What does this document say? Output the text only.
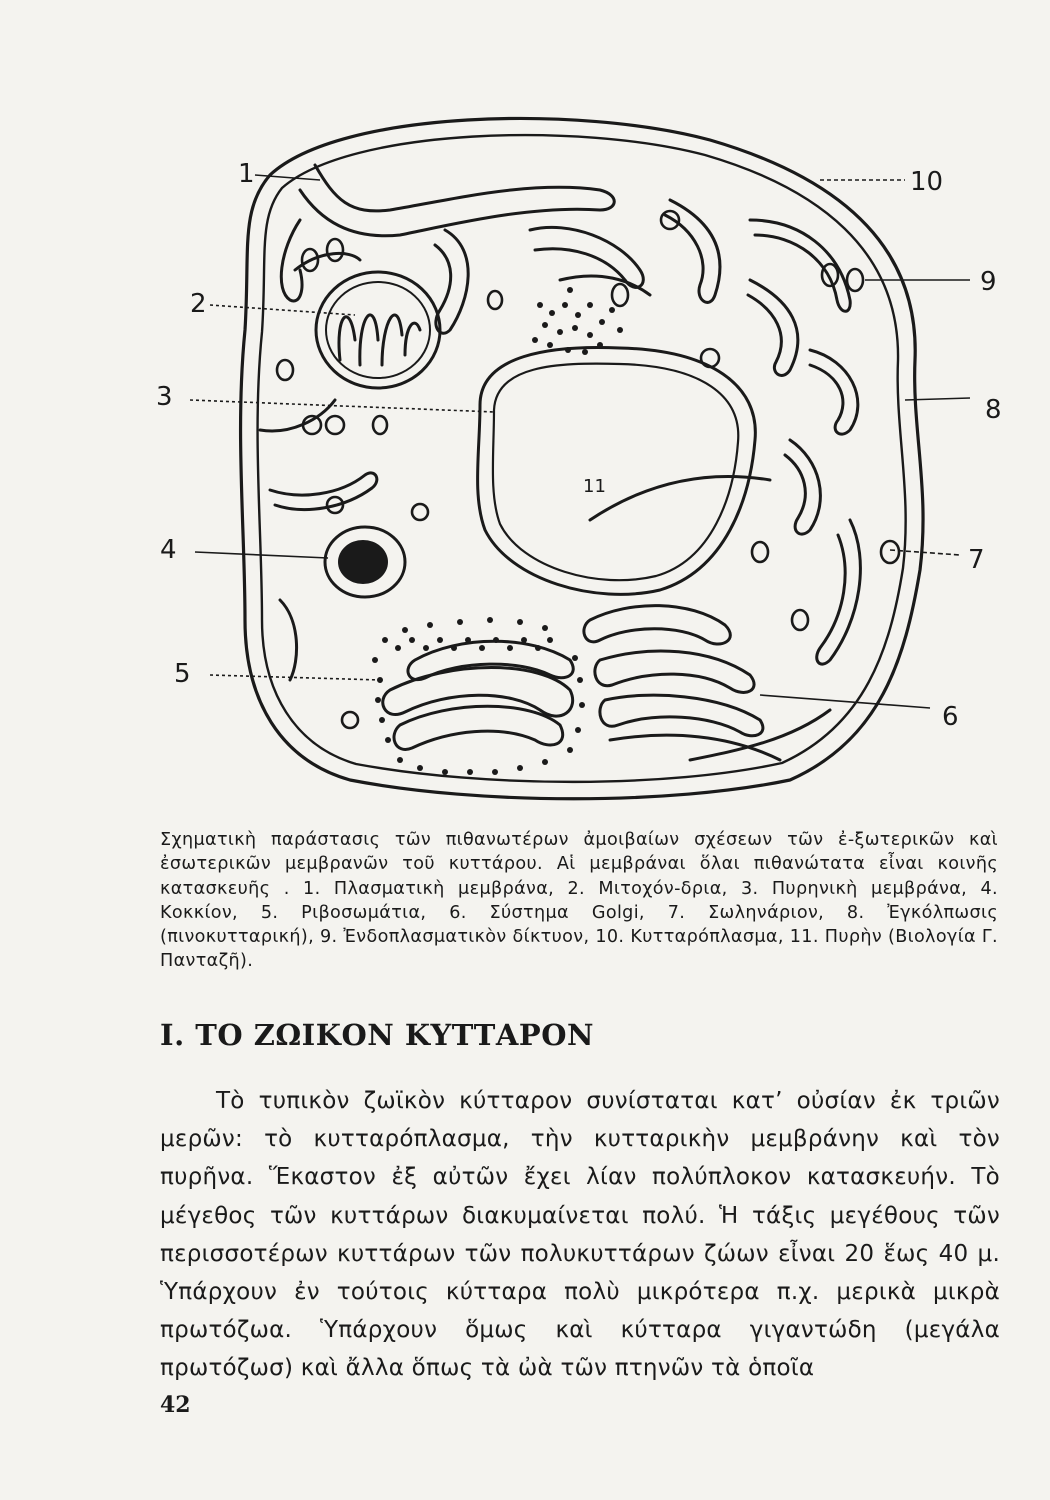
1
2
3
4
5
6
7
8
9
10
11
Σχηματικὴ παράστασις τῶν πιθανωτέρων ἀμοιβαίων σχέσεων τῶν ἐ-ξωτερικῶν καὶ ἐσωτερικῶν μεμβρανῶν τοῦ κυττάρου. Αἱ μεμβράναι ὅλαι πιθανώτατα εἶναι κοινῆς κατασκευῆς . 1. Πλασματικὴ μεμβράνα, 2. Μιτοχόν-δρια, 3. Πυρηνικὴ μεμβράνα, 4. Κοκκίον, 5. Ριβοσωμάτια, 6. Σύστημα Golgi, 7. Σωληνάριον, 8. Ἐγκόλπωσις (πινοκυτταρική), 9. Ἐνδοπλασματικὸν δίκτυον, 10. Κυτταρόπλασμα, 11. Πυρὴν (Βιολογία Γ. Πανταζῆ).
Ι. ΤΟ ΖΩΙΚΟΝ ΚΥΤΤΑΡΟΝ
Τὸ τυπικὸν ζωϊκὸν κύτταρον συνίσταται κατ’ οὐσίαν ἐκ τριῶν μερῶν: τὸ κυτταρόπλασμα, τὴν κυτταρικὴν μεμβράνην καὶ τὸν πυρῆνα. Ἕκαστον ἐξ αὐτῶν ἔχει λίαν πολύπλοκον κατασκευήν. Τὸ μέγεθος τῶν κυττάρων διακυμαίνεται πολύ. Ἡ τάξις μεγέθους τῶν περισσοτέρων κυττάρων τῶν πολυκυττάρων ζώων εἶναι 20 ἕως 40 μ. Ὑπάρχουν ἐν τούτοις κύτταρα πολὺ μικρότερα π.χ. μερικὰ μικρὰ πρωτόζωα. Ὑπάρχουν ὅμως καὶ κύτταρα γιγαντώδη (μεγάλα πρωτόζωσ) καὶ ἄλλα ὅπως τὰ ὠὰ τῶν πτηνῶν τὰ ὁποῖα
42
